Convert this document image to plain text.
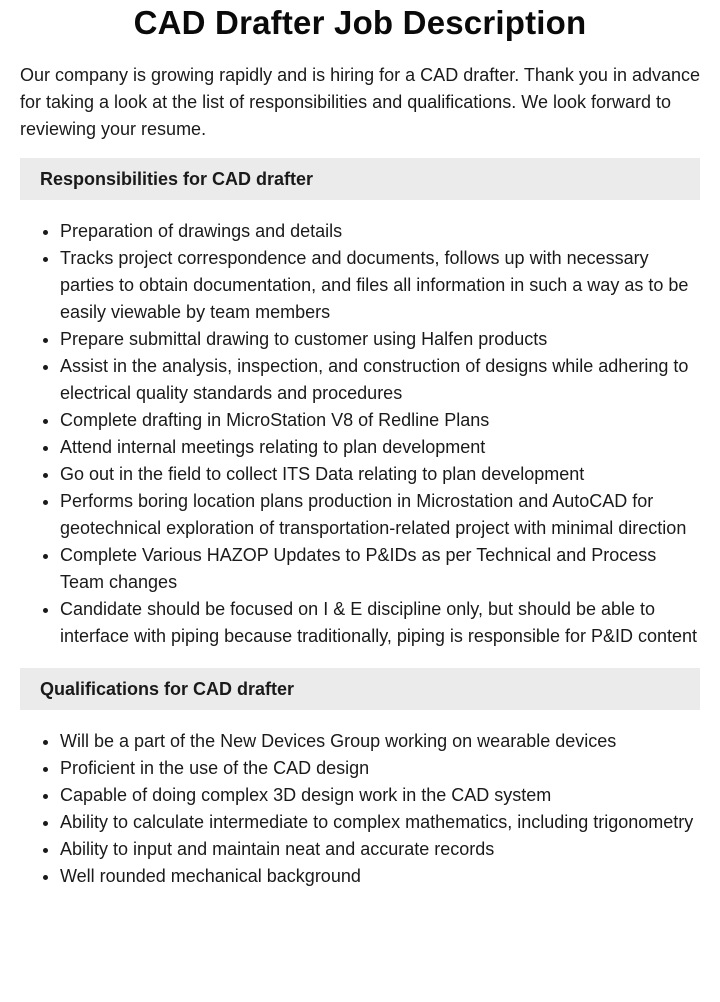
CAD Drafter Job Description

Our company is growing rapidly and is hiring for a CAD drafter. Thank you in advance for taking a look at the list of responsibilities and qualifications. We look forward to reviewing your resume.

Responsibilities for CAD drafter
• Preparation of drawings and details
• Tracks project correspondence and documents, follows up with necessary parties to obtain documentation, and files all information in such a way as to be easily viewable by team members
• Prepare submittal drawing to customer using Halfen products
• Assist in the analysis, inspection, and construction of designs while adhering to electrical quality standards and procedures
• Complete drafting in MicroStation V8 of Redline Plans
• Attend internal meetings relating to plan development
• Go out in the field to collect ITS Data relating to plan development
• Performs boring location plans production in Microstation and AutoCAD for geotechnical exploration of transportation-related project with minimal direction
• Complete Various HAZOP Updates to P&IDs as per Technical and Process Team changes
• Candidate should be focused on I & E discipline only, but should be able to interface with piping because traditionally, piping is responsible for P&ID content
Qualifications for CAD drafter
• Will be a part of the New Devices Group working on wearable devices
• Proficient in the use of the CAD design
• Capable of doing complex 3D design work in the CAD system
• Ability to calculate intermediate to complex mathematics, including trigonometry
• Ability to input and maintain neat and accurate records
• Well rounded mechanical background
